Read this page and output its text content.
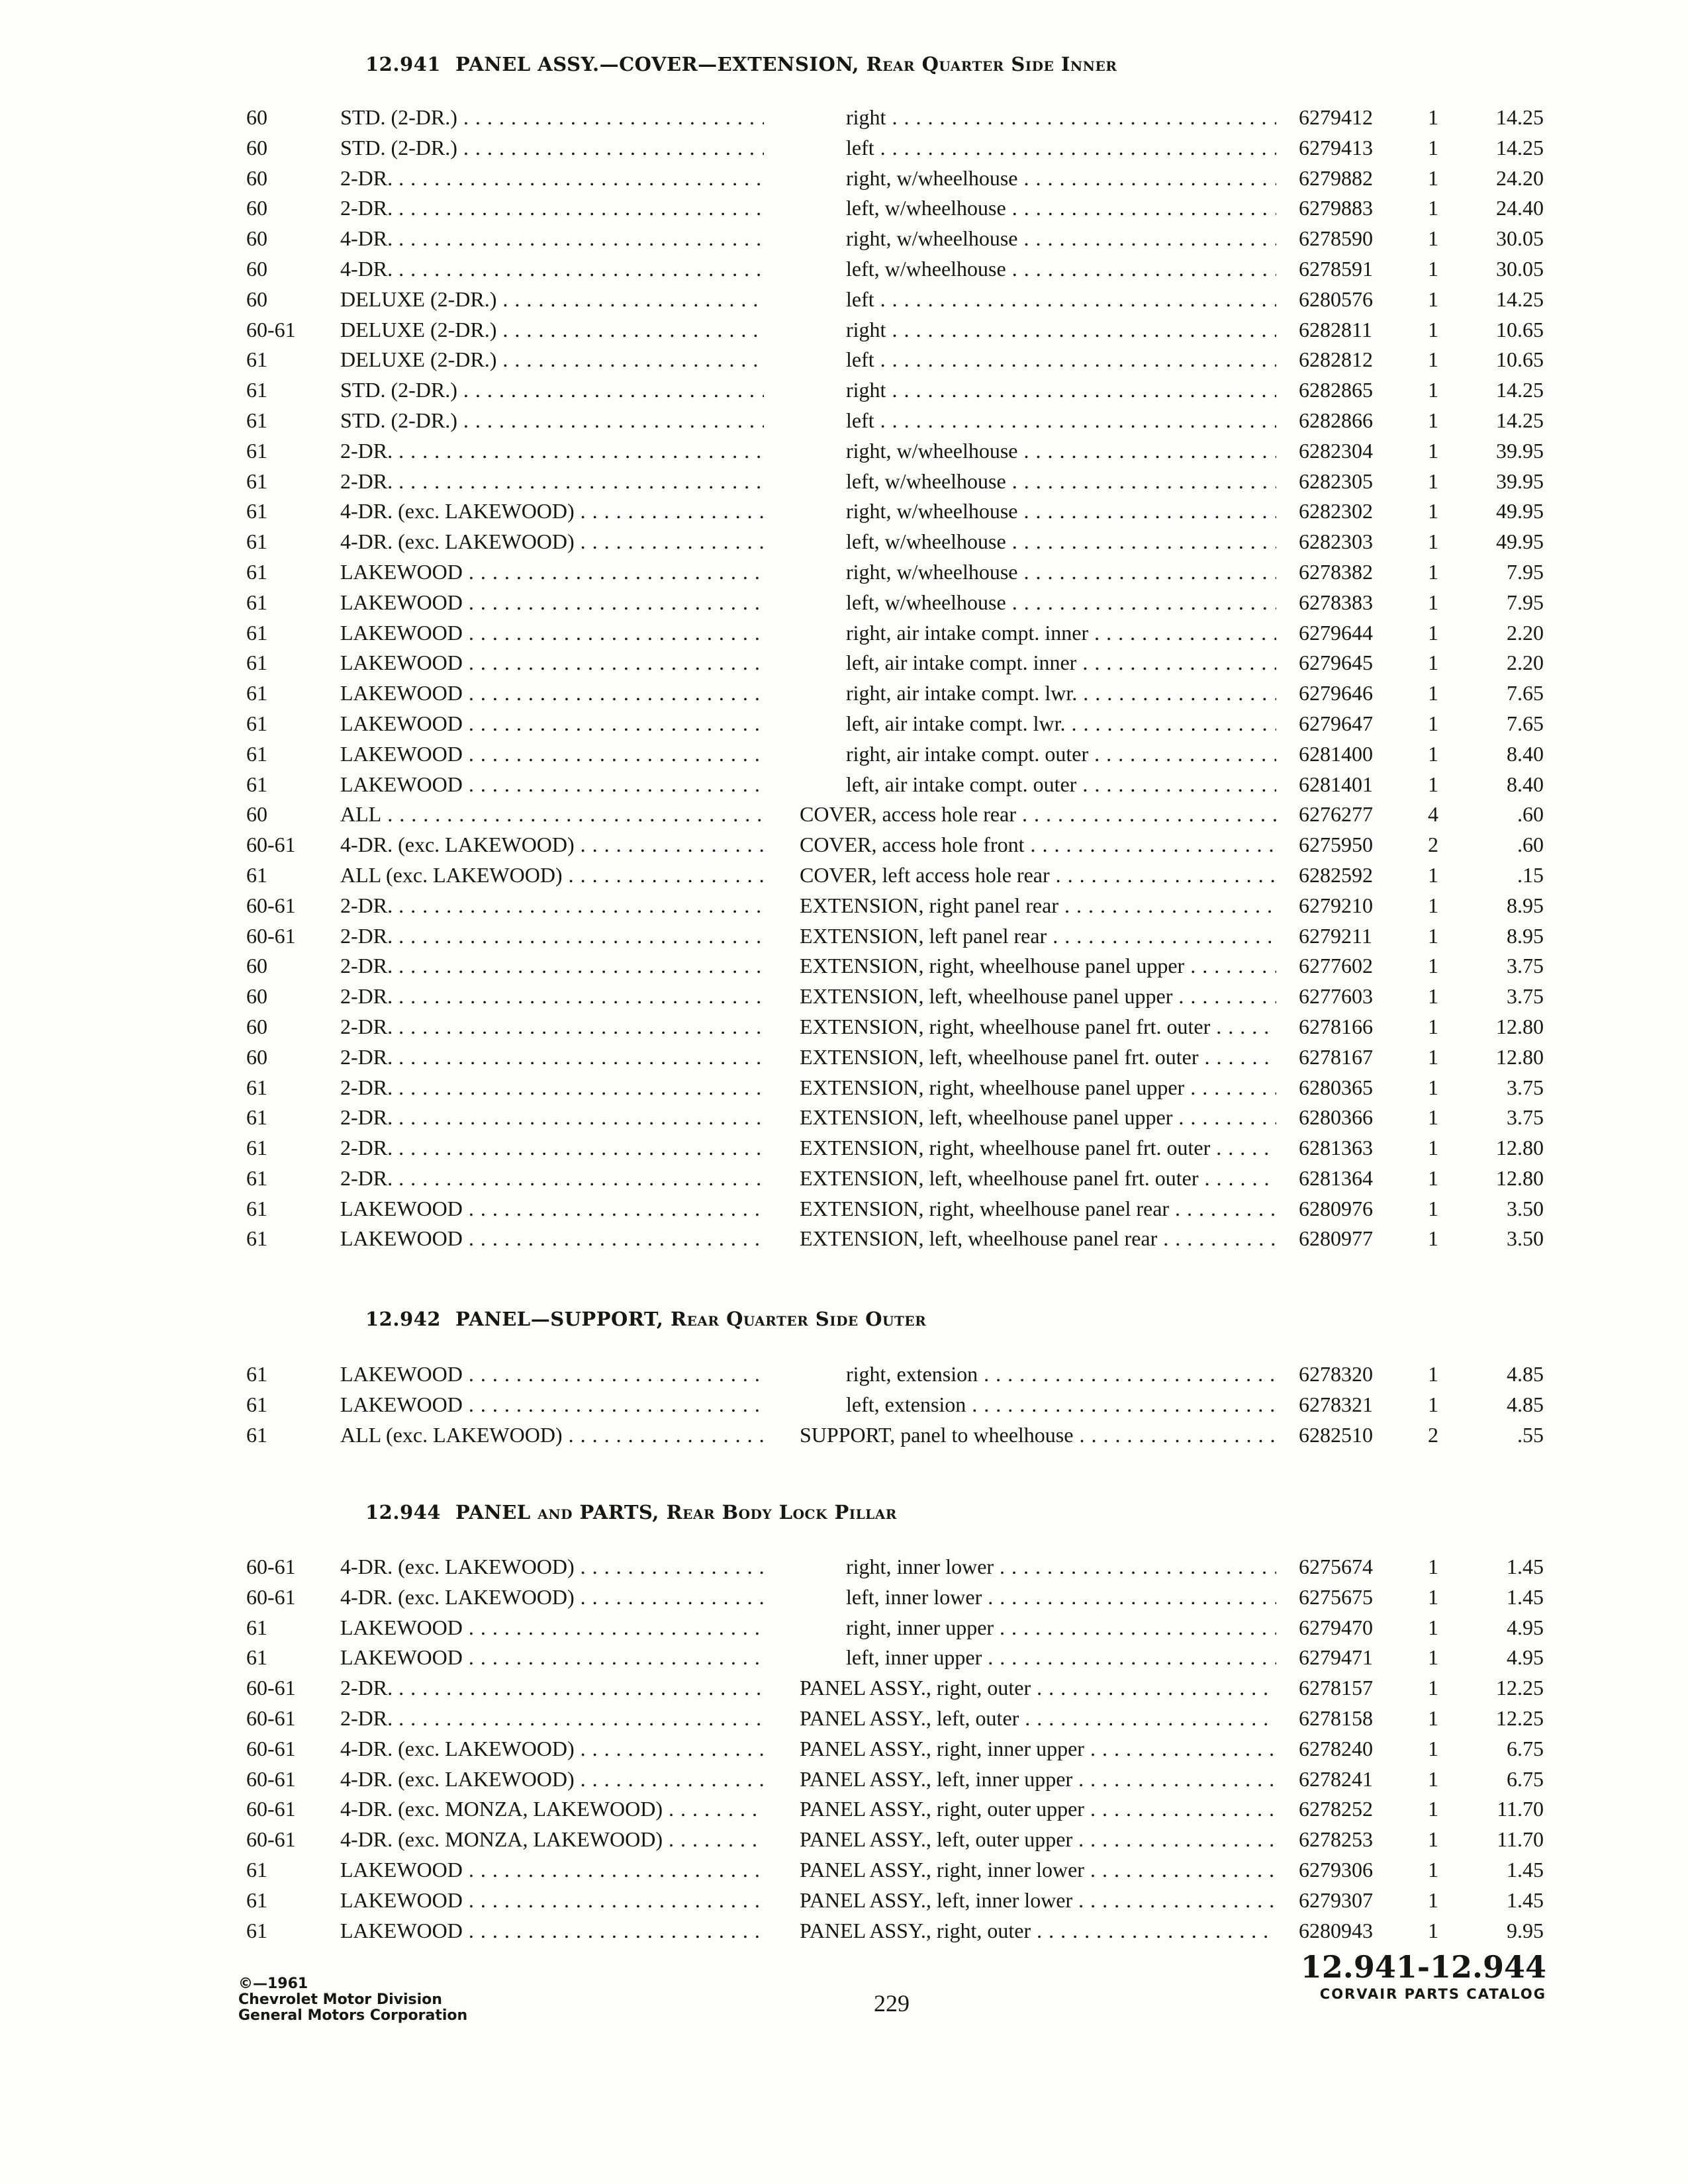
12.941 PANEL ASSY.—COVER—EXTENSION, Rear Quarter Side Inner
60	STD. (2-DR.) . . .	right . . .	6279412	1	14.25
60	STD. (2-DR.) . . .	left . . .	6279413	1	14.25
60	2-DR. . . .	right, w/wheelhouse . . .	6279882	1	24.20
60	2-DR. . . .	left, w/wheelhouse . . .	6279883	1	24.40
60	4-DR. . . .	right, w/wheelhouse . . .	6278590	1	30.05
60	4-DR. . . .	left, w/wheelhouse . . .	6278591	1	30.05
60	DELUXE (2-DR.) . . .	left . . .	6280576	1	14.25
60-61 DELUXE (2-DR.) . . .	right . . .	6282811	1	10.65
61	DELUXE (2-DR.) . . .	left . . .	6282812	1	10.65
61	STD. (2-DR.) . . .	right . . .	6282865	1	14.25
61	STD. (2-DR.) . . .	left . . .	6282866	1	14.25
61	2-DR. . . .	right, w/wheelhouse . . .	6282304	1	39.95
61	2-DR. . . .	left, w/wheelhouse . . .	6282305	1	39.95
61	4-DR. (exc. LAKEWOOD) . . .	right, w/wheelhouse . . .	6282302	1	49.95
61	4-DR. (exc. LAKEWOOD) . . .	left, w/wheelhouse . . .	6282303	1	49.95
61	LAKEWOOD . . .	right, w/wheelhouse . . .	6278382	1	7.95
61	LAKEWOOD . . .	left, w/wheelhouse . . .	6278383	1	7.95
61	LAKEWOOD . . .	right, air intake compt. inner . . .	6279644	1	2.20
61	LAKEWOOD . . .	left, air intake compt. inner . . .	6279645	1	2.20
61	LAKEWOOD . . .	right, air intake compt. lwr. . . .	6279646	1	7.65
61	LAKEWOOD . . .	left, air intake compt. lwr. . . .	6279647	1	7.65
61	LAKEWOOD . . .	right, air intake compt. outer . . .	6281400	1	8.40
61	LAKEWOOD . . .	left, air intake compt. outer . . .	6281401	1	8.40
60	ALL . . .	COVER, access hole rear . . .	6276277	4	.60
60-61 4-DR. (exc. LAKEWOOD) . . .	COVER, access hole front . . .	6275950	2	.60
61	ALL (exc. LAKEWOOD) . . .	COVER, left access hole rear . . .	6282592	1	.15
60-61 2-DR. . . .	EXTENSION, right panel rear . . .	6279210	1	8.95
60-61 2-DR. . . .	EXTENSION, left panel rear . . .	6279211	1	8.95
60	2-DR. . . .	EXTENSION, right, wheelhouse panel upper . . .	6277602	1	3.75
60	2-DR. . . .	EXTENSION, left, wheelhouse panel upper . . .	6277603	1	3.75
60	2-DR. . . .	EXTENSION, right, wheelhouse panel frt. outer . . .	6278166	1	12.80
60	2-DR. . . .	EXTENSION, left, wheelhouse panel frt. outer . . .	6278167	1	12.80
61	2-DR. . . .	EXTENSION, right, wheelhouse panel upper . . .	6280365	1	3.75
61	2-DR. . . .	EXTENSION, left, wheelhouse panel upper . . .	6280366	1	3.75
61	2-DR. . . .	EXTENSION, right, wheelhouse panel frt. outer . . .	6281363	1	12.80
61	2-DR. . . .	EXTENSION, left, wheelhouse panel frt. outer . . .	6281364	1	12.80
61	LAKEWOOD . . .	EXTENSION, right, wheelhouse panel rear . . .	6280976	1	3.50
61	LAKEWOOD . . .	EXTENSION, left, wheelhouse panel rear . . .	6280977	1	3.50
12.942 PANEL—SUPPORT, Rear Quarter Side Outer
61	LAKEWOOD . . .	right, extension . . .	6278320	1	4.85
61	LAKEWOOD . . .	left, extension . . .	6278321	1	4.85
61	ALL (exc. LAKEWOOD) . . .	SUPPORT, panel to wheelhouse . . .	6282510	2	.55
12.944 PANEL and PARTS, Rear Body Lock Pillar
60-61 4-DR. (exc. LAKEWOOD) . . .	right, inner lower . . .	6275674	1	1.45
60-61 4-DR. (exc. LAKEWOOD) . . .	left, inner lower . . .	6275675	1	1.45
61	LAKEWOOD . . .	right, inner upper . . .	6279470	1	4.95
61	LAKEWOOD . . .	left, inner upper . . .	6279471	1	4.95
60-61 2-DR. . . .	PANEL ASSY., right, outer . . .	6278157	1	12.25
60-61 2-DR. . . .	PANEL ASSY., left, outer . . .	6278158	1	12.25
60-61 4-DR. (exc. LAKEWOOD) . . .	PANEL ASSY., right, inner upper . . .	6278240	1	6.75
60-61 4-DR. (exc. LAKEWOOD) . . .	PANEL ASSY., left, inner upper . . .	6278241	1	6.75
60-61 4-DR. (exc. MONZA, LAKEWOOD) . . .	PANEL ASSY., right, outer upper . . .	6278252	1	11.70
60-61 4-DR. (exc. MONZA, LAKEWOOD) . . .	PANEL ASSY., left, outer upper . . .	6278253	1	11.70
61	LAKEWOOD . . .	PANEL ASSY., right, inner lower . . .	6279306	1	1.45
61	LAKEWOOD . . .	PANEL ASSY., left, inner lower . . .	6279307	1	1.45
61	LAKEWOOD . . .	PANEL ASSY., right, outer . . .	6280943	1	9.95
©—1961
Chevrolet Motor Division
General Motors Corporation	229
12.941-12.944
CORVAIR PARTS CATALOG
